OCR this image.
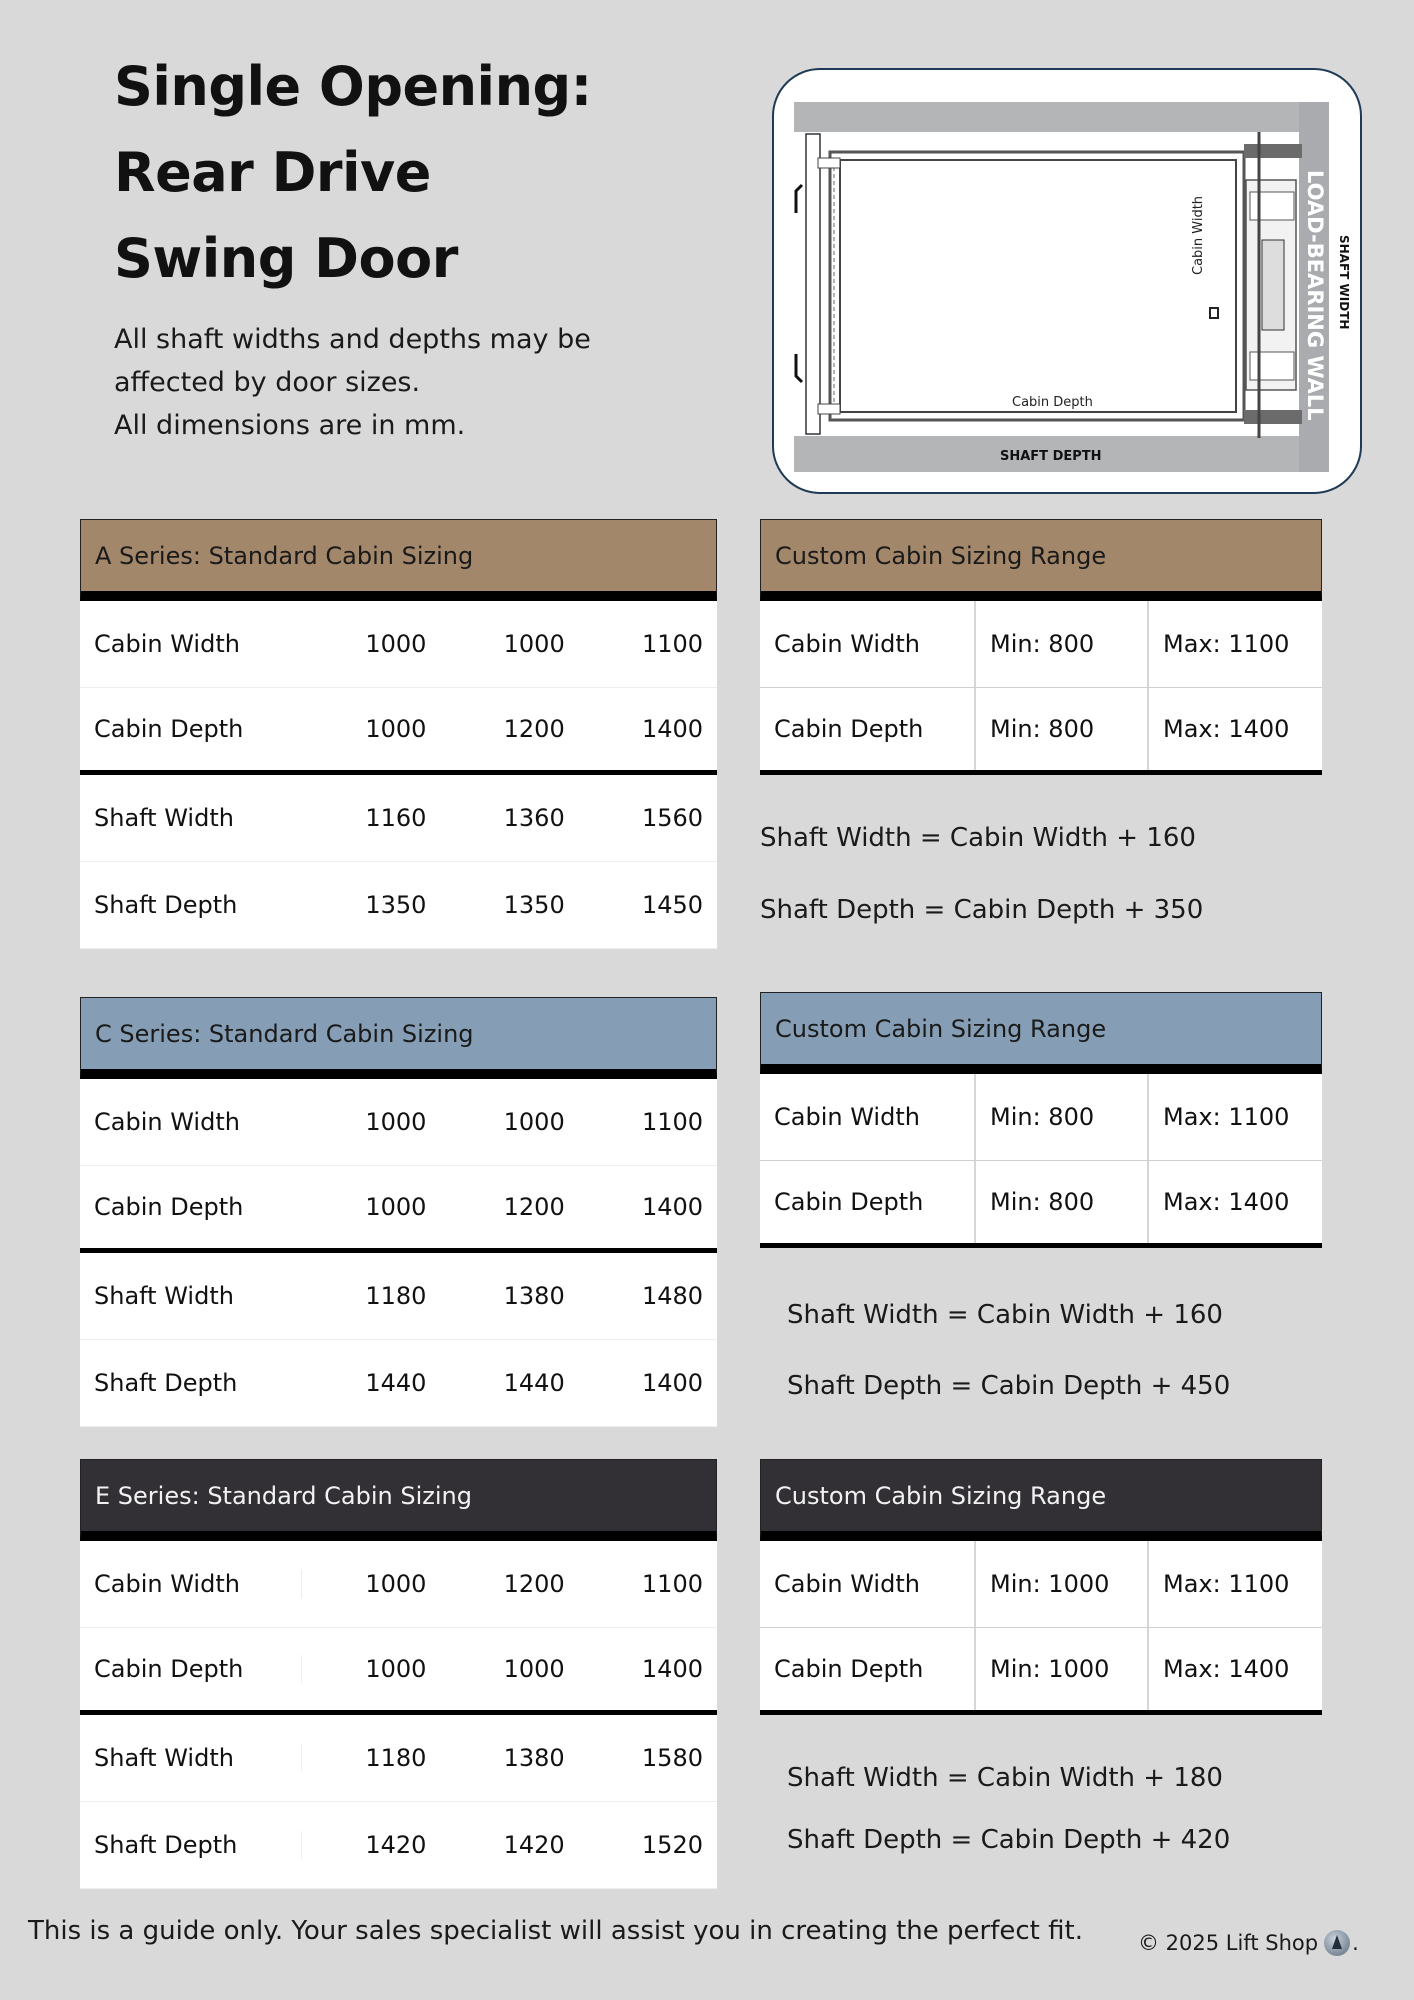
Single Opening:
Rear Drive
Swing Door
All shaft widths and depths may be
affected by door sizes.
All dimensions are in mm.
Cabin Depth
Cabin Width
SHAFT DEPTH
SHAFT WIDTH
LOAD-BEARING WALL
A Series: Standard Cabin Sizing
Cabin Width	1000	1000	1100
Cabin Depth	1000	1200	1400
Shaft Width	1160	1360	1560
Shaft Depth	1350	1350	1450
Custom Cabin Sizing Range
Cabin Width	Min: 800	Max: 1100
Cabin Depth	Min: 800	Max: 1400
Shaft Width = Cabin Width + 160
Shaft Depth = Cabin Depth + 350
C Series: Standard Cabin Sizing
Cabin Width	1000	1000	1100
Cabin Depth	1000	1200	1400
Shaft Width	1180	1380	1480
Shaft Depth	1440	1440	1400
Custom Cabin Sizing Range
Cabin Width	Min: 800	Max: 1100
Cabin Depth	Min: 800	Max: 1400
Shaft Width = Cabin Width + 160
Shaft Depth = Cabin Depth + 450
E Series: Standard Cabin Sizing
Cabin Width	1000	1200	1100
Cabin Depth	1000	1000	1400
Shaft Width	1180	1380	1580
Shaft Depth	1420	1420	1520
Custom Cabin Sizing Range
Cabin Width	Min: 1000	Max: 1100
Cabin Depth	Min: 1000	Max: 1400
Shaft Width = Cabin Width + 180
Shaft Depth = Cabin Depth + 420
This is a guide only. Your sales specialist will assist you in creating the perfect fit.	© 2025 Lift Shop .
